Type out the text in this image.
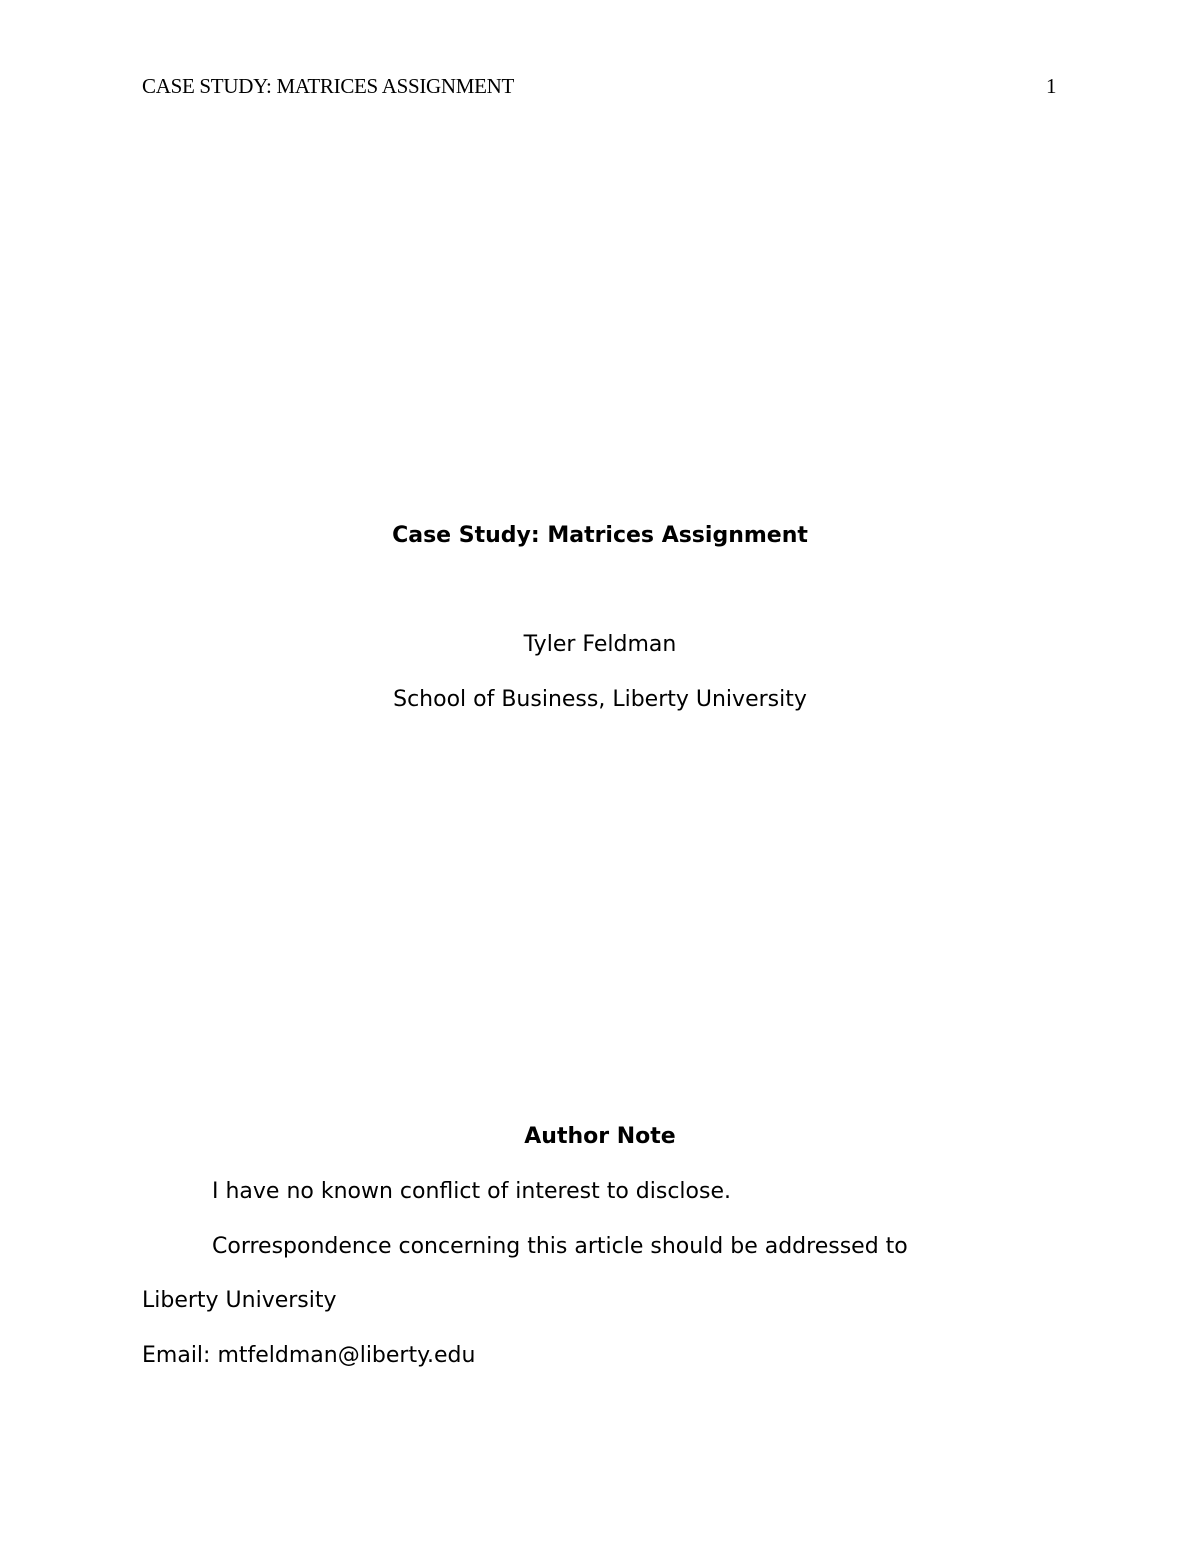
CASE STUDY: MATRICES ASSIGNMENT	1
Case Study: Matrices Assignment
Tyler Feldman
School of Business, Liberty University
Author Note
I have no known conflict of interest to disclose.
Correspondence concerning this article should be addressed to
Liberty University
Email: mtfeldman@liberty.edu
